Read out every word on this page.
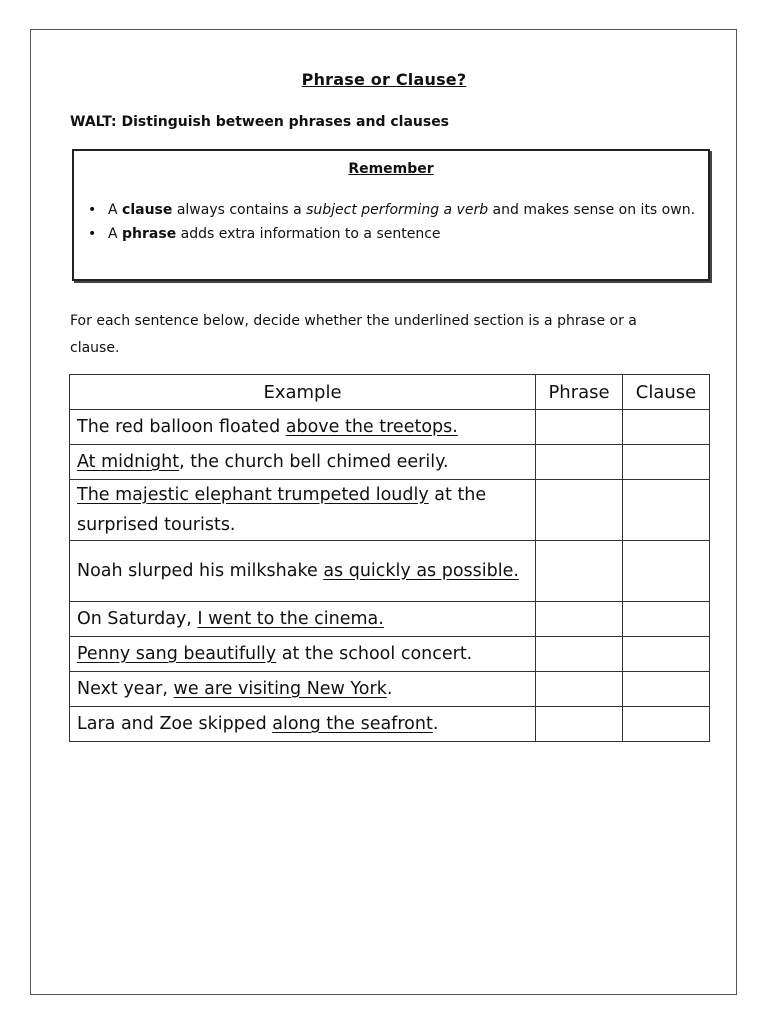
Phrase or Clause?
WALT: Distinguish between phrases and clauses
Remember
• A clause always contains a subject performing a verb and makes sense on its own.
• A phrase adds extra information to a sentence
For each sentence below, decide whether the underlined section is a phrase or a clause.
Example	Phrase	Clause
The red balloon floated above the treetops.		
At midnight, the church bell chimed eerily.		
The majestic elephant trumpeted loudly at the surprised tourists.		
Noah slurped his milkshake as quickly as possible.		
On Saturday, I went to the cinema.		
Penny sang beautifully at the school concert.		
Next year, we are visiting New York.		
Lara and Zoe skipped along the seafront.		
